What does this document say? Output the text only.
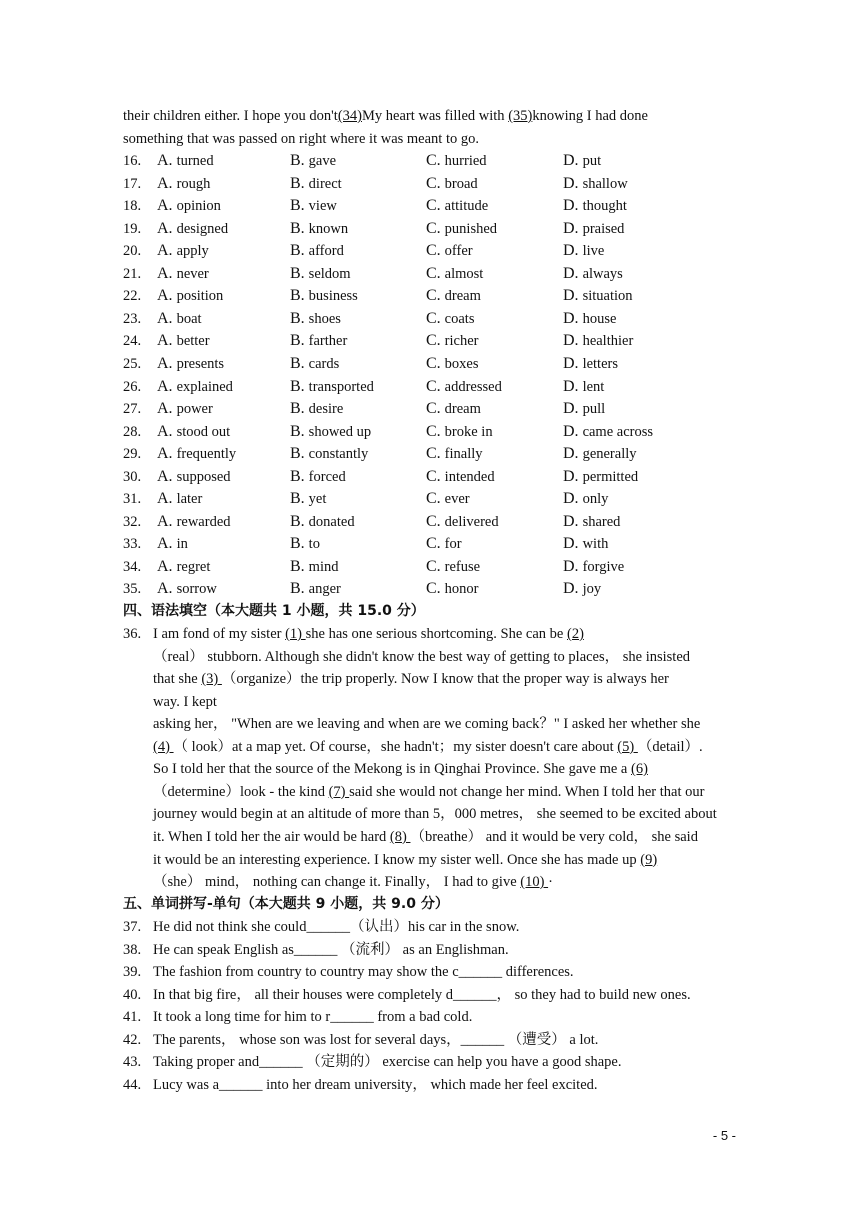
their children either. I hope you don't(34)My heart was filled with (35)knowing I had done
something that was passed on right where it was meant to go.
16. A. turned	B. gave	C. hurried	D. put
17. A. rough	B. direct	C. broad	D. shallow
18. A. opinion	B. view	C. attitude	D. thought
19. A. designed	B. known	C. punished	D. praised
20. A. apply	B. afford	C. offer	D. live
21. A. never	B. seldom	C. almost	D. always
22. A. position	B. business	C. dream	D. situation
23. A. boat	B. shoes	C. coats	D. house
24. A. better	B. farther	C. richer	D. healthier
25. A. presents	B. cards	C. boxes	D. letters
26. A. explained	B. transported	C. addressed	D. lent
27. A. power	B. desire	C. dream	D. pull
28. A. stood out	B. showed up	C. broke in	D. came across
29. A. frequently	B. constantly	C. finally	D. generally
30. A. supposed	B. forced	C. intended	D. permitted
31. A. later	B. yet	C. ever	D. only
32. A. rewarded	B. donated	C. delivered	D. shared
33. A. in	B. to	C. for	D. with
34. A. regret	B. mind	C. refuse	D. forgive
35. A. sorrow	B. anger	C. honor	D. joy
四、语法填空（本大题共 1 小题，共 15.0 分）
36. I am fond of my sister (1) she has one serious shortcoming. She can be (2)
（real） stubborn. Although she didn't know the best way of getting to places， she insisted
that she (3) （organize）the trip properly. Now I know that the proper way is always her
way. I kept
asking her， "When are we leaving and when are we coming back？" I asked her whether she
(4) （ look）at a map yet. Of course，she hadn't；my sister doesn't care about (5) （detail）.
So I told her that the source of the Mekong is in Qinghai Province. She gave me a (6)
（determine）look - the kind (7) said she would not change her mind. When I told her that our
journey would begin at an altitude of more than 5，000 metres， she seemed to be excited about
it. When I told her the air would be hard (8) （breathe） and it would be very cold， she said
it would be an interesting experience. I know my sister well. Once she has made up (9)
（she） mind， nothing can change it. Finally， I had to give (10) ·
五、单词拼写-单句（本大题共 9 小题，共 9.0 分）
37. He did not think she could______（认出）his car in the snow.
38. He can speak English as______ （流利） as an Englishman.
39. The fashion from country to country may show the c______ differences.
40. In that big fire， all their houses were completely d______， so they had to build new ones.
41. It took a long time for him to r______ from a bad cold.
42. The parents， whose son was lost for several days，______ （遭受） a lot.
43. Taking proper and______ （定期的） exercise can help you have a good shape.
44. Lucy was a______ into her dream university， which made her feel excited.
- 5 -
